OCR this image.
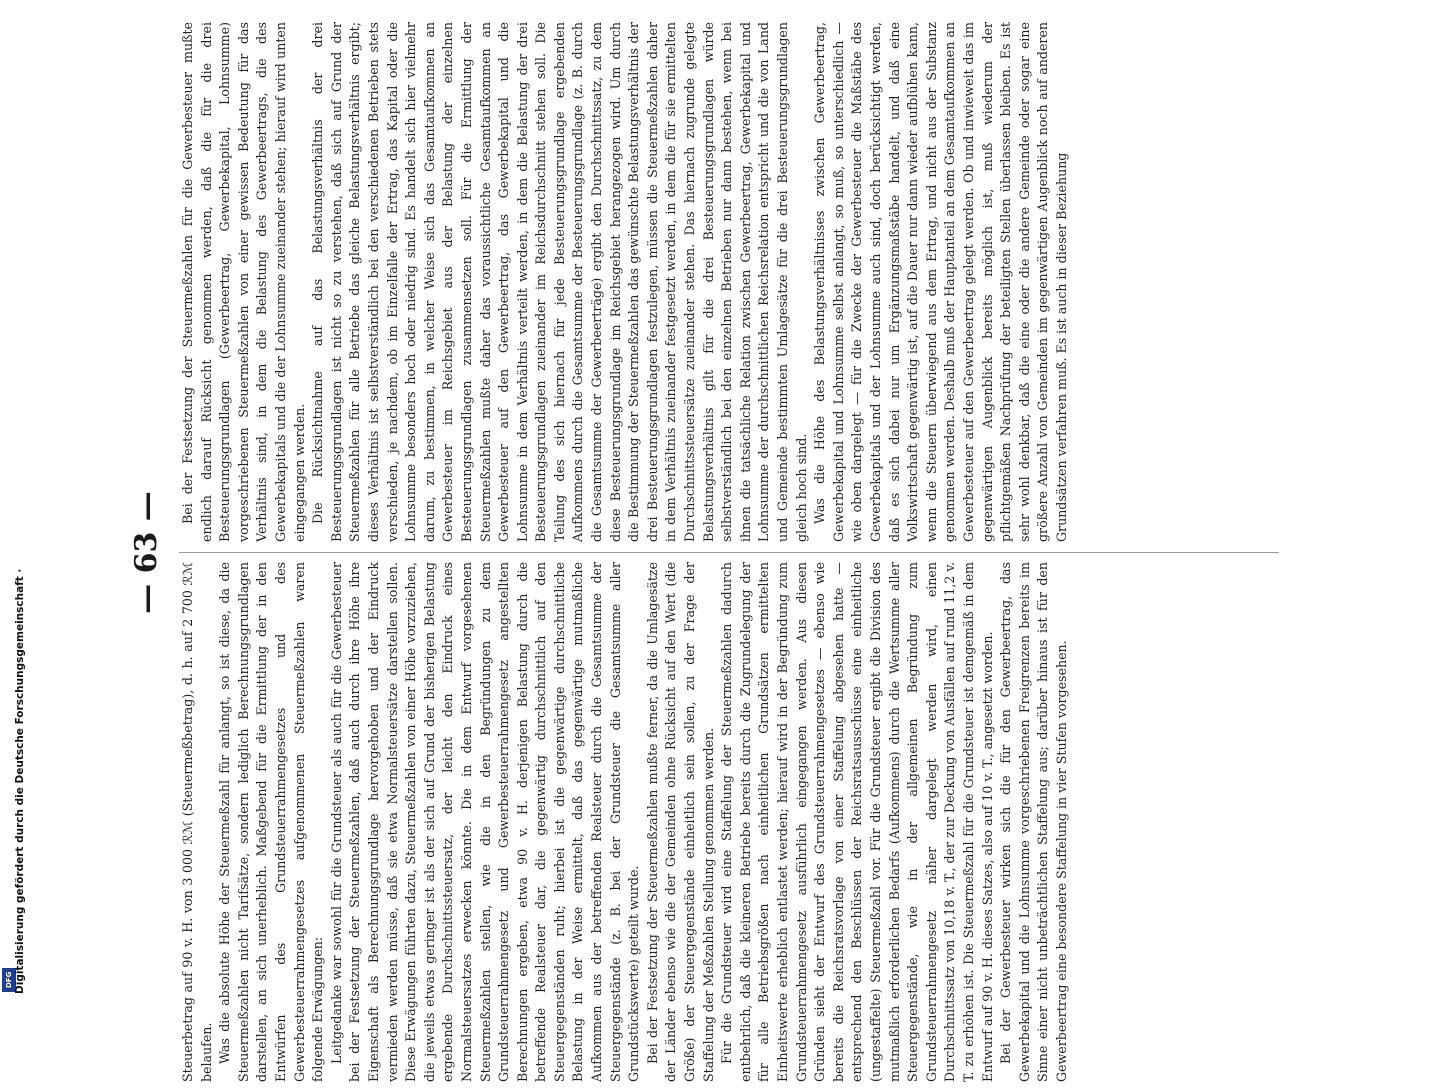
DFG Digitalisierung gefördert durch die Deutsche Forschungsgemeinschaft ·
— 63 —

Steuerbetrag auf 90 v. H. von 3 000 ℛℳ (Steuermeßbetrag), d. h. auf 2 700 ℛℳ belaufen. Was die absolute Höhe der Steuermeßzahl für anlangt, so ist diese, da die Steuermeßzahlen nicht Tarifsätze, sondern lediglich Berechnungsgrundlagen darstellen, an sich unerheblich. Maßgebend für die Ermittlung der in den Entwürfen des Grundsteuerrahmengesetzes und des Gewerbesteuerrahmengesetzes aufgenommenen Steuermeßzahlen waren folgende Erwägungen: Leitgedanke war sowohl für die Grundsteuer als auch für die Gewerbesteuer bei der Festsetzung der Steuermeßzahlen, daß auch durch ihre Höhe ihre Eigenschaft als Berechnungsgrundlage hervorgehoben und der Eindruck vermieden werden müsse, daß sie etwa Normalsteuersätze darstellen sollen. Diese Erwägungen führten dazu, Steuermeßzahlen von einer Höhe vorzuziehen, die jeweils etwas geringer ist als der sich auf Grund der bisherigen Belastung ergebende Durchschnittssteuersatz, der leicht den Eindruck eines Normalsteuersatzes erwecken könnte. Die in dem Entwurf vorgesehenen Steuermeßzahlen stellen, wie die in den Begründungen zu dem Grundsteuerrahmengesetz und Gewerbesteuerrahmengesetz angestellten Berechnungen ergeben, etwa 90 v. H. derjenigen Belastung durch die betreffende Realsteuer dar, die gegenwärtig durchschnittlich auf den Steuergegenständen ruht; hierbei ist die gegenwärtige durchschnittliche Belastung in der Weise ermittelt, daß das gegenwärtige mutmaßliche Aufkommen aus der betreffenden Realsteuer durch die Gesamtsumme der Steuergegenstände (z. B. bei der Grundsteuer die Gesamtsumme aller Grundstückswerte) geteilt wurde. Bei der Festsetzung der Steuermeßzahlen mußte ferner, da die Umlagesätze der Länder ebenso wie die der Gemeinden ohne Rücksicht auf den Wert (die Größe) der Steuergegenstände einheitlich sein sollen, zu der Frage der Staffelung der Meßzahlen Stellung genommen werden. Für die Grundsteuer wird eine Staffelung der Steuermeßzahlen dadurch entbehrlich, daß die kleineren Betriebe bereits durch die Zugrundelegung der für alle Betriebsgrößen nach einheitlichen Grundsätzen ermittelten Einheitswerte erheblich entlastet werden; hierauf wird in der Begründung zum Grundsteuerrahmengesetz ausführlich eingegangen werden. Aus diesen Gründen sieht der Entwurf des Grundsteuerrahmengesetzes — ebenso wie bereits die Reichsratsvorlage von einer Staffelung abgesehen hatte — entsprechend den Beschlüssen der Reichsratsausschüsse eine einheitliche (ungestaffelte) Steuermeßzahl vor. Für die Grundsteuer ergibt die Division des mutmaßlich erforderlichen Bedarfs (Aufkommens) durch die Wertsumme aller Steuergegenstände, wie in der allgemeinen Begründung zum Grundsteuerrahmengesetz näher dargelegt werden wird, einen Durchschnittssatz von 10,18 v. T., der zur Deckung von Ausfällen auf rund 11,2 v. T. zu erhöhen ist. Die Steuermeßzahl für die Grundsteuer ist demgemäß in dem Entwurf auf 90 v. H. dieses Satzes, also auf 10 v. T., angesetzt worden. Bei der Gewerbesteuer wirken sich die für den Gewerbeertrag, das Gewerbekapital und die Lohnsumme vorgeschriebenen Freigrenzen bereits im Sinne einer nicht unbeträchtlichen Staffelung aus; darüber hinaus ist für den Gewerbeertrag eine besondere Staffelung in vier Stufen vorgesehen.

Bei der Festsetzung der Steuermeßzahlen für die Gewerbesteuer mußte endlich darauf Rücksicht genommen werden, daß die für die drei Besteuerungsgrundlagen (Gewerbeertrag, Gewerbekapital, Lohnsumme) vorgeschriebenen Steuermeßzahlen von einer gewissen Bedeutung für das Verhältnis sind, in dem die Belastung des Gewerbeertrags, die des Gewerbekapitals und die der Lohnsumme zueinander stehen; hierauf wird unten eingegangen werden. Die Rücksichtnahme auf das Belastungsverhältnis der drei Besteuerungsgrundlagen ist nicht so zu verstehen, daß sich auf Grund der Steuermeßzahlen für alle Betriebe das gleiche Belastungsverhältnis ergibt; dieses Verhältnis ist selbstverständlich bei den verschiedenen Betrieben stets verschieden, je nachdem, ob im Einzelfalle der Ertrag, das Kapital oder die Lohnsumme besonders hoch oder niedrig sind. Es handelt sich hier vielmehr darum, zu bestimmen, in welcher Weise sich das Gesamtaufkommen an Gewerbesteuer im Reichsgebiet aus der Belastung der einzelnen Besteuerungsgrundlagen zusammensetzen soll. Für die Ermittlung der Steuermeßzahlen mußte daher das voraussichtliche Gesamtaufkommen an Gewerbesteuer auf den Gewerbeertrag, das Gewerbekapital und die Lohnsumme in dem Verhältnis verteilt werden, in dem die Belastung der drei Besteuerungsgrundlagen zueinander im Reichsdurchschnitt stehen soll. Die Teilung des sich hiernach für jede Besteuerungsgrundlage ergebenden Aufkommens durch die Gesamtsumme der Besteuerungsgrundlage (z. B. durch die Gesamtsumme der Gewerbeerträge) ergibt den Durchschnittssatz, zu dem diese Besteuerungsgrundlage im Reichsgebiet herangezogen wird. Um durch die Bestimmung der Steuermeßzahlen das gewünschte Belastungsverhältnis der drei Besteuerungsgrundlagen festzulegen, müssen die Steuermeßzahlen daher in dem Verhältnis zueinander festgesetzt werden, in dem die für sie ermittelten Durchschnittssteuersätze zueinander stehen. Das hiernach zugrunde gelegte Belastungsverhältnis gilt für die drei Besteuerungsgrundlagen würde selbstverständlich bei den einzelnen Betrieben nur dann bestehen, wenn bei ihnen die tatsächliche Relation zwischen Gewerbeertrag, Gewerbekapital und Lohnsumme der durchschnittlichen Reichsrelation entspricht und die von Land und Gemeinde bestimmten Umlagesätze für die drei Besteuerungsgrundlagen gleich hoch sind. Was die Höhe des Belastungsverhältnisses zwischen Gewerbeertrag, Gewerbekapital und Lohnsumme selbst anlangt, so muß, so unterschiedlich — wie oben dargelegt — für die Zwecke der Gewerbesteuer die Maßstäbe des Gewerbekapitals und der Lohnsumme auch sind, doch berücksichtigt werden, daß es sich dabei nur um Ergänzungsmaßstäbe handelt, und daß eine Volkswirtschaft gegenwärtig ist, auf die Dauer nur dann wieder aufblühen kann, wenn die Steuern überwiegend aus dem Ertrag, und nicht aus der Substanz genommen werden. Deshalb muß der Hauptanteil an dem Gesamtaufkommen an Gewerbesteuer auf den Gewerbeertrag gelegt werden. Ob und inwieweit das im gegenwärtigen Augenblick bereits möglich ist, muß wiederum der pflichtgemäßen Nachprüfung der beteiligten Stellen überlassen bleiben. Es ist sehr wohl denkbar, daß die eine oder die andere Gemeinde oder sogar eine größere Anzahl von Gemeinden im gegenwärtigen Augenblick noch auf anderen Grundsätzen verfahren muß. Es ist auch in dieser Beziehung
